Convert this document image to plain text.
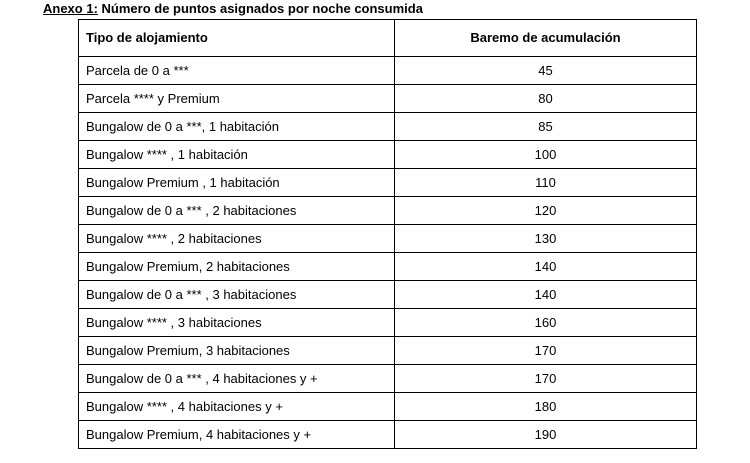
Anexo 1: Número de puntos asignados por noche consumida
Tipo de alojamiento	Baremo de acumulación
Parcela de 0 a ***	45
Parcela **** y Premium	80
Bungalow de 0 a ***, 1 habitación	85
Bungalow **** , 1 habitación	100
Bungalow Premium , 1 habitación	110
Bungalow de 0 a *** , 2 habitaciones	120
Bungalow **** , 2 habitaciones	130
Bungalow Premium, 2 habitaciones	140
Bungalow de 0 a *** , 3 habitaciones	140
Bungalow **** , 3 habitaciones	160
Bungalow Premium, 3 habitaciones	170
Bungalow de 0 a *** , 4 habitaciones y +	170
Bungalow **** , 4 habitaciones y +	180
Bungalow Premium, 4 habitaciones y +	190
